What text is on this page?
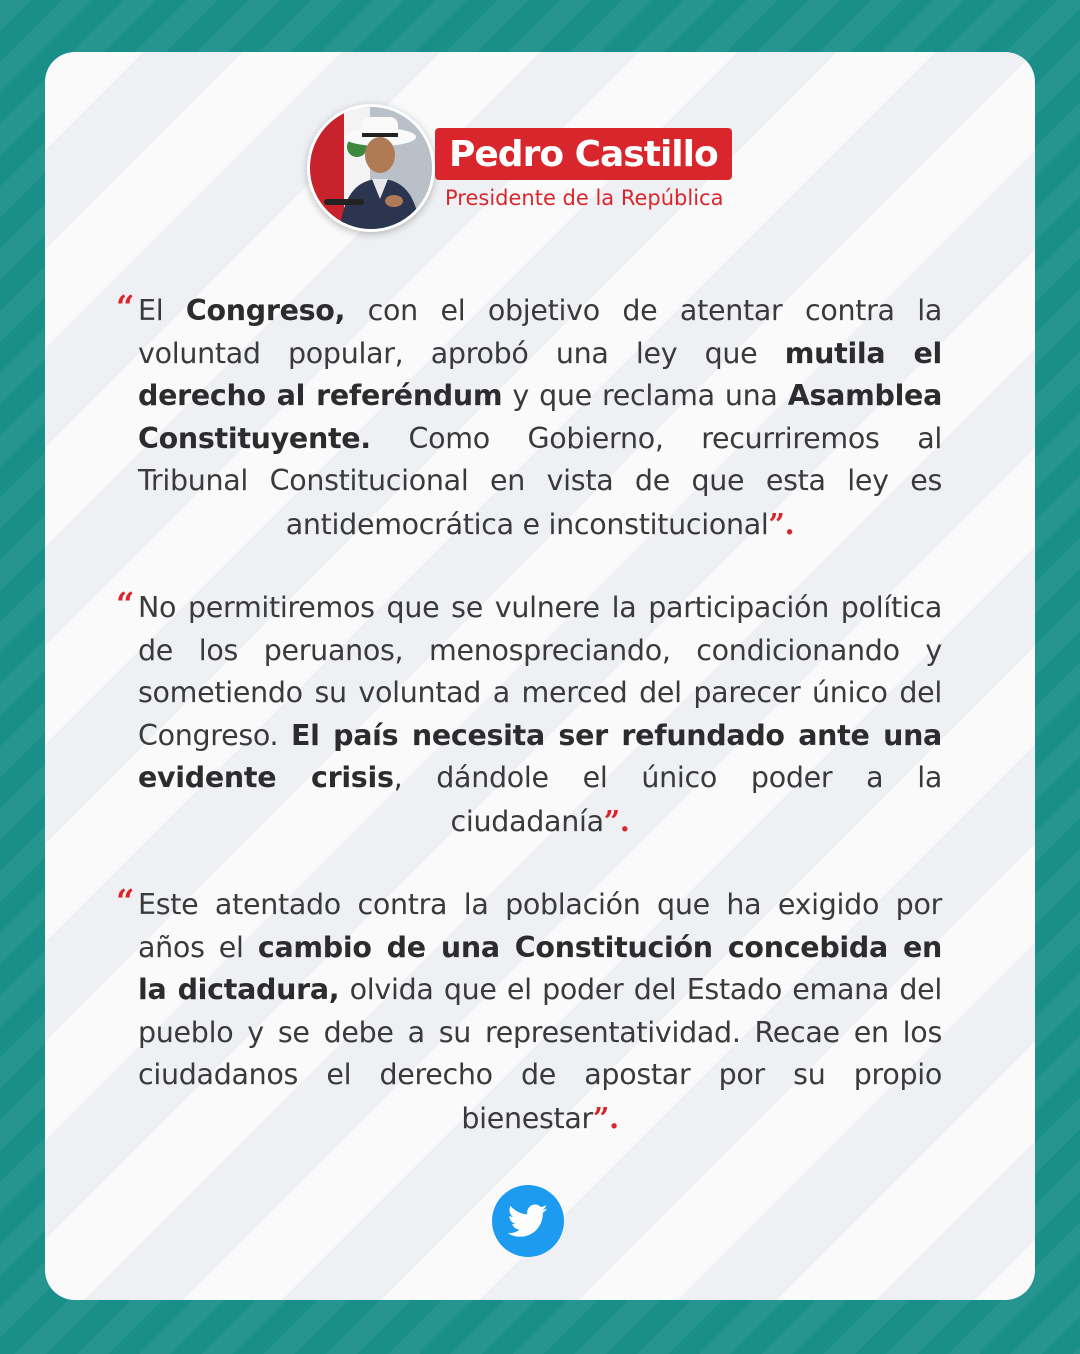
Pedro Castillo
Presidente de la República
“ El Congreso, con el objetivo de atentar contra la voluntad popular, aprobó una ley que mutila el derecho al referéndum y que reclama una Asamblea Constituyente. Como Gobierno, recurriremos al Tribunal Constitucional en vista de que esta ley es antidemocrática e inconstitucional”.

“ No permitiremos que se vulnere la participación política de los peruanos, menospreciando, condicionando y sometiendo su voluntad a merced del parecer único del Congreso. El país necesita ser refundado ante una evidente crisis, dándole el único poder a la ciudadanía”.

“ Este atentado contra la población que ha exigido por años el cambio de una Constitución concebida en la dictadura, olvida que el poder del Estado emana del pueblo y se debe a su representatividad. Recae en los ciudadanos el derecho de apostar por su propio bienestar”.
